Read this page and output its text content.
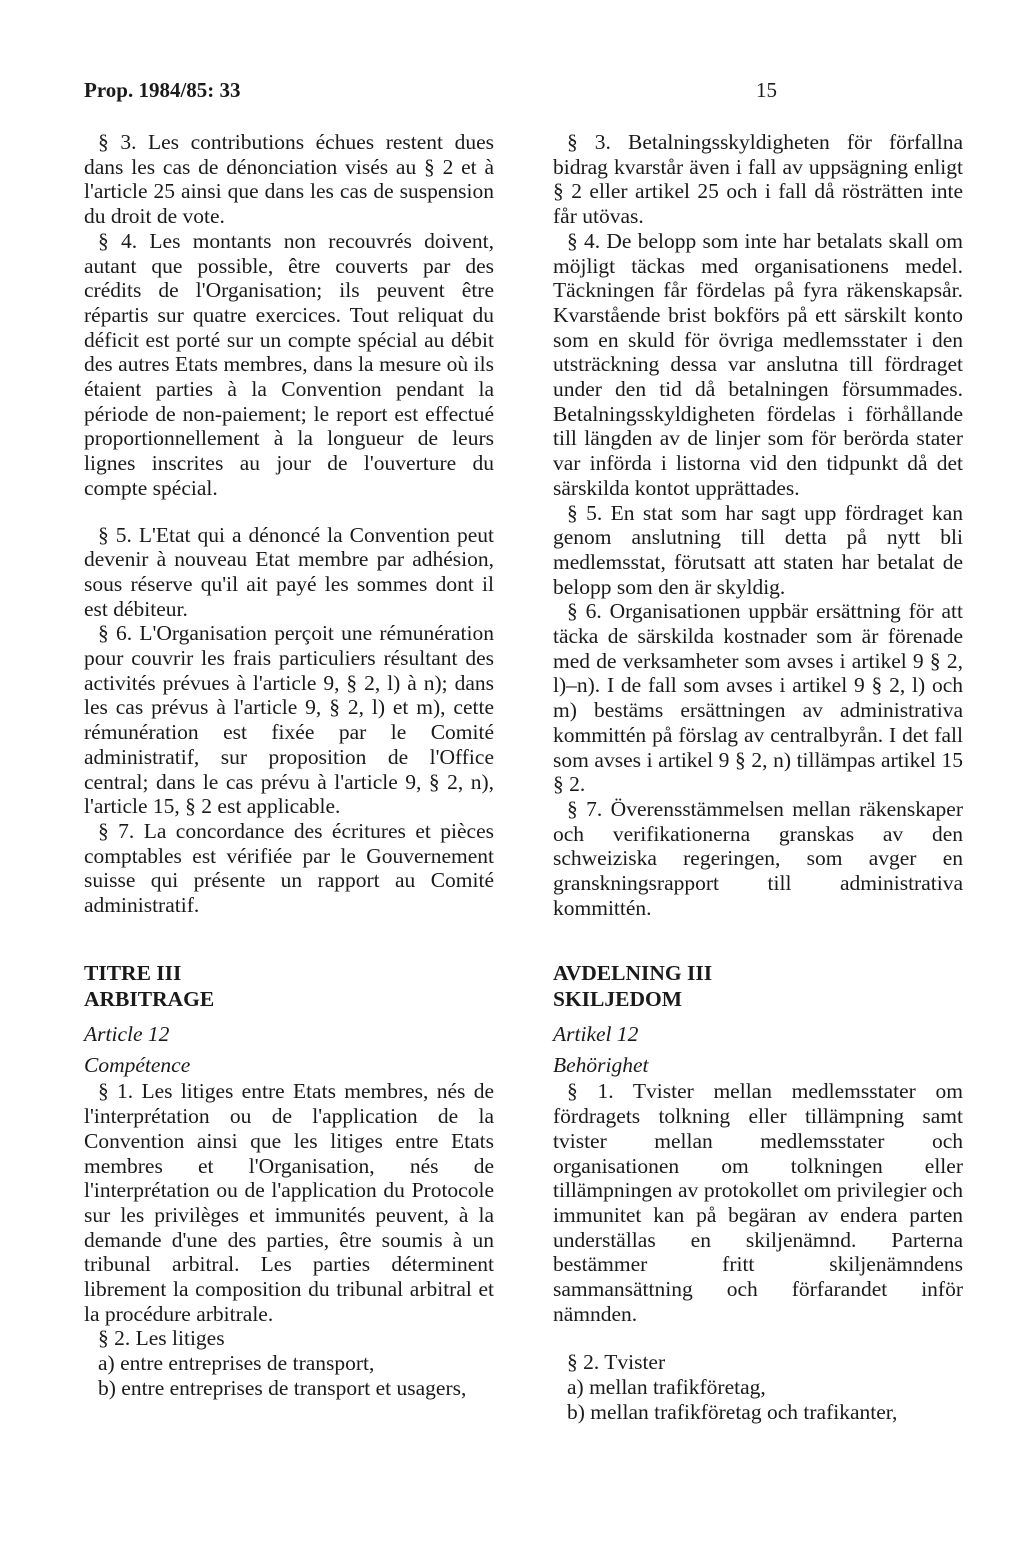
Prop. 1984/85: 33	15

§ 3. Les contributions échues restent dues dans les cas de dénonciation visés au § 2 et à l'article 25 ainsi que dans les cas de suspension du droit de vote.

§ 4. Les montants non recouvrés doivent, autant que possible, être couverts par des crédits de l'Organisation; ils peuvent être répartis sur quatre exercices. Tout reliquat du déficit est porté sur un compte spécial au débit des autres Etats membres, dans la mesure où ils étaient parties à la Convention pendant la période de non-paiement; le report est effectué proportionnellement à la longueur de leurs lignes inscrites au jour de l'ouverture du compte spécial.

§ 5. L'Etat qui a dénoncé la Convention peut devenir à nouveau Etat membre par adhésion, sous réserve qu'il ait payé les sommes dont il est débiteur.

§ 6. L'Organisation perçoit une rémunération pour couvrir les frais particuliers résultant des activités prévues à l'article 9, § 2, l) à n); dans les cas prévus à l'article 9, § 2, l) et m), cette rémunération est fixée par le Comité administratif, sur proposition de l'Office central; dans le cas prévu à l'article 9, § 2, n), l'article 15, § 2 est applicable.

§ 7. La concordance des écritures et pièces comptables est vérifiée par le Gouvernement suisse qui présente un rapport au Comité administratif.

TITRE III

ARBITRAGE

Article 12

Compétence

§ 1. Les litiges entre Etats membres, nés de l'interprétation ou de l'application de la Convention ainsi que les litiges entre Etats membres et l'Organisation, nés de l'interprétation ou de l'application du Protocole sur les privilèges et immunités peuvent, à la demande d'une des parties, être soumis à un tribunal arbitral. Les parties déterminent librement la composition du tribunal arbitral et la procédure arbitrale.

§ 2. Les litiges

a) entre entreprises de transport,

b) entre entreprises de transport et usagers,

§ 3. Betalningsskyldigheten för förfallna bidrag kvarstår även i fall av uppsägning enligt § 2 eller artikel 25 och i fall då rösträtten inte får utövas.

§ 4. De belopp som inte har betalats skall om möjligt täckas med organisationens medel. Täckningen får fördelas på fyra räkenskapsår. Kvarstående brist bokförs på ett särskilt konto som en skuld för övriga medlemsstater i den utsträckning dessa var anslutna till fördraget under den tid då betalningen försummades. Betalningsskyldigheten fördelas i förhållande till längden av de linjer som för berörda stater var införda i listorna vid den tidpunkt då det särskilda kontot upprättades.

§ 5. En stat som har sagt upp fördraget kan genom anslutning till detta på nytt bli medlemsstat, förutsatt att staten har betalat de belopp som den är skyldig.

§ 6. Organisationen uppbär ersättning för att täcka de särskilda kostnader som är förenade med de verksamheter som avses i artikel 9 § 2, l)–n). I de fall som avses i artikel 9 § 2, l) och m) bestäms ersättningen av administrativa kommittén på förslag av centralbyrån. I det fall som avses i artikel 9 § 2, n) tillämpas artikel 15 § 2.

§ 7. Överensstämmelsen mellan räkenskaper och verifikationerna granskas av den schweiziska regeringen, som avger en granskningsrapport till administrativa kommittén.

AVDELNING III

SKILJEDOM

Artikel 12

Behörighet

§ 1. Tvister mellan medlemsstater om fördragets tolkning eller tillämpning samt tvister mellan medlemsstater och organisationen om tolkningen eller tillämpningen av protokollet om privilegier och immunitet kan på begäran av endera parten underställas en skiljenämnd. Parterna bestämmer fritt skiljenämndens sammansättning och förfarandet inför nämnden.

§ 2. Tvister

a) mellan trafikföretag,

b) mellan trafikföretag och trafikanter,
